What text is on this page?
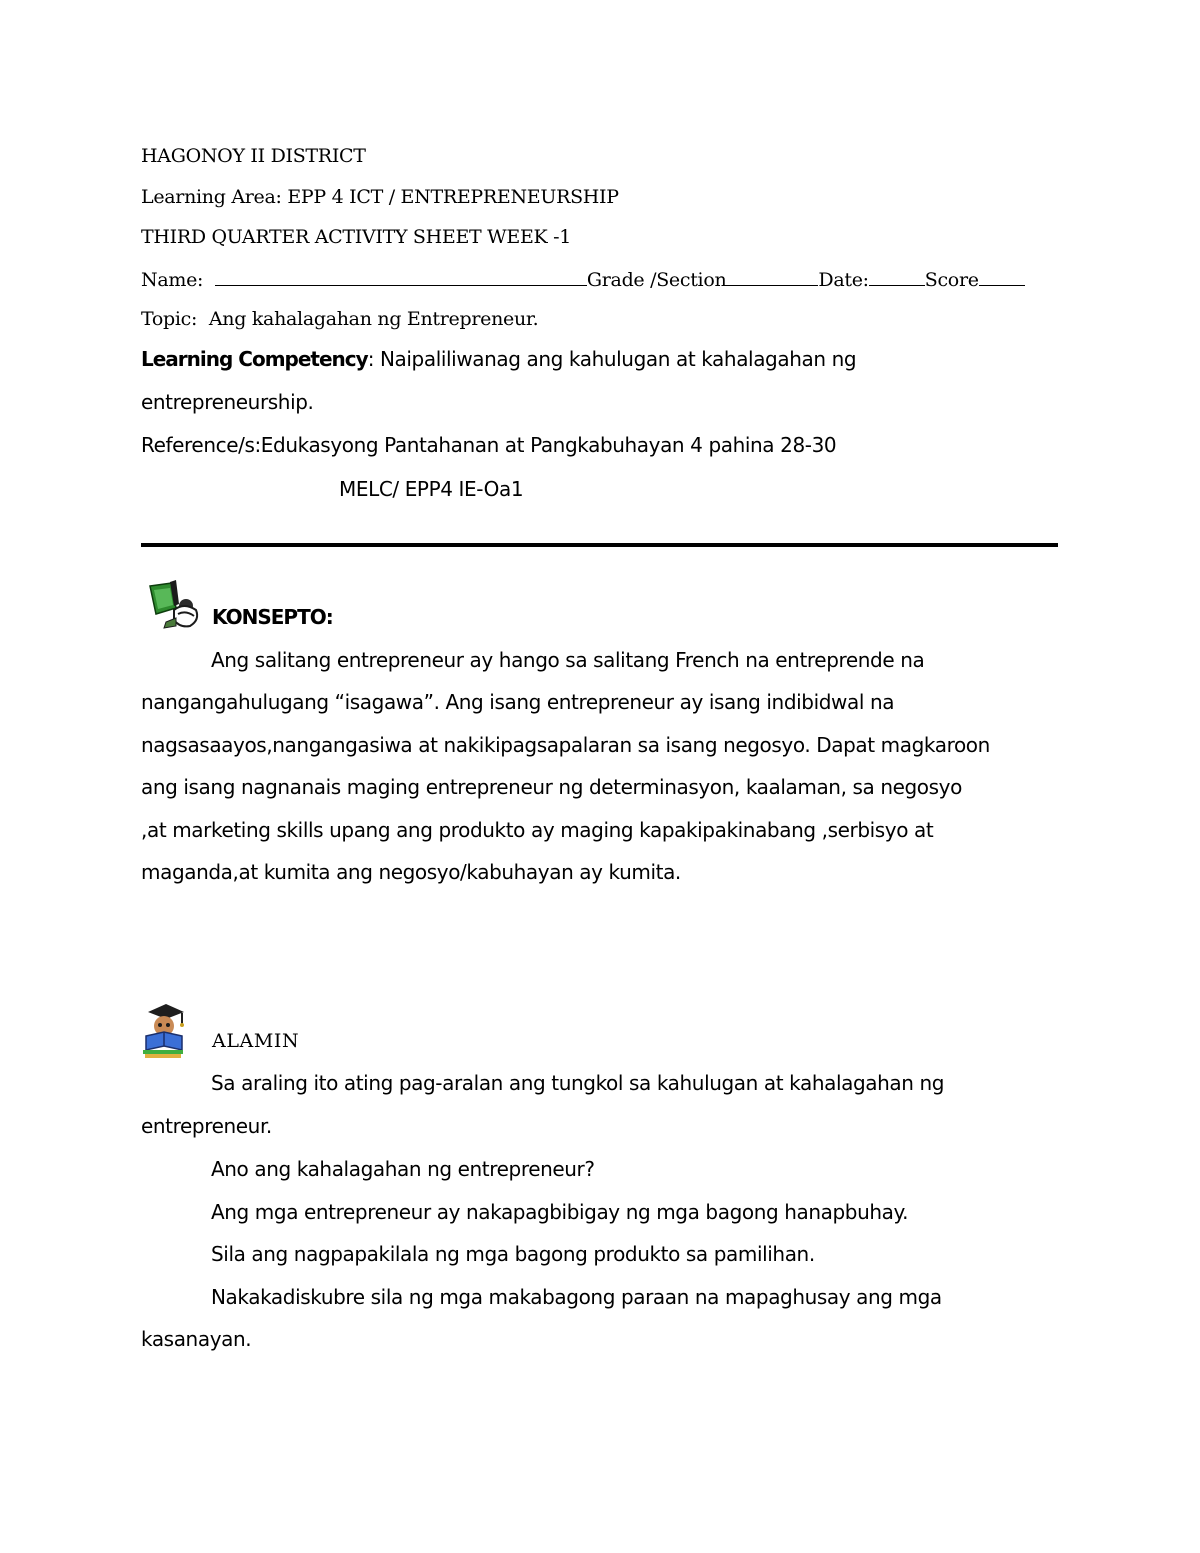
HAGONOY II DISTRICT
Learning Area: EPP 4 ICT / ENTREPRENEURSHIP
THIRD QUARTER ACTIVITY SHEET WEEK -1
Name:	Grade /Section	Date:	Score
Topic: Ang kahalagahan ng Entrepreneur.
Learning Competency: Naipaliliwanag ang kahulugan at kahalagahan ng
entrepreneurship.
Reference/s:Edukasyong Pantahanan at Pangkabuhayan 4 pahina 28-30
MELC/ EPP4 IE-Oa1
KONSEPTO:
Ang salitang entrepreneur ay hango sa salitang French na entreprende na
nangangahulugang “isagawa”. Ang isang entrepreneur ay isang indibidwal na
nagsasaayos,nangangasiwa at nakikipagsapalaran sa isang negosyo. Dapat magkaroon
ang isang nagnanais maging entrepreneur ng determinasyon, kaalaman, sa negosyo
,at marketing skills upang ang produkto ay maging kapakipakinabang ,serbisyo at
maganda,at kumita ang negosyo/kabuhayan ay kumita.
ALAMIN
Sa araling ito ating pag-aralan ang tungkol sa kahulugan at kahalagahan ng
entrepreneur.
Ano ang kahalagahan ng entrepreneur?
Ang mga entrepreneur ay nakapagbibigay ng mga bagong hanapbuhay.
Sila ang nagpapakilala ng mga bagong produkto sa pamilihan.
Nakakadiskubre sila ng mga makabagong paraan na mapaghusay ang mga
kasanayan.
